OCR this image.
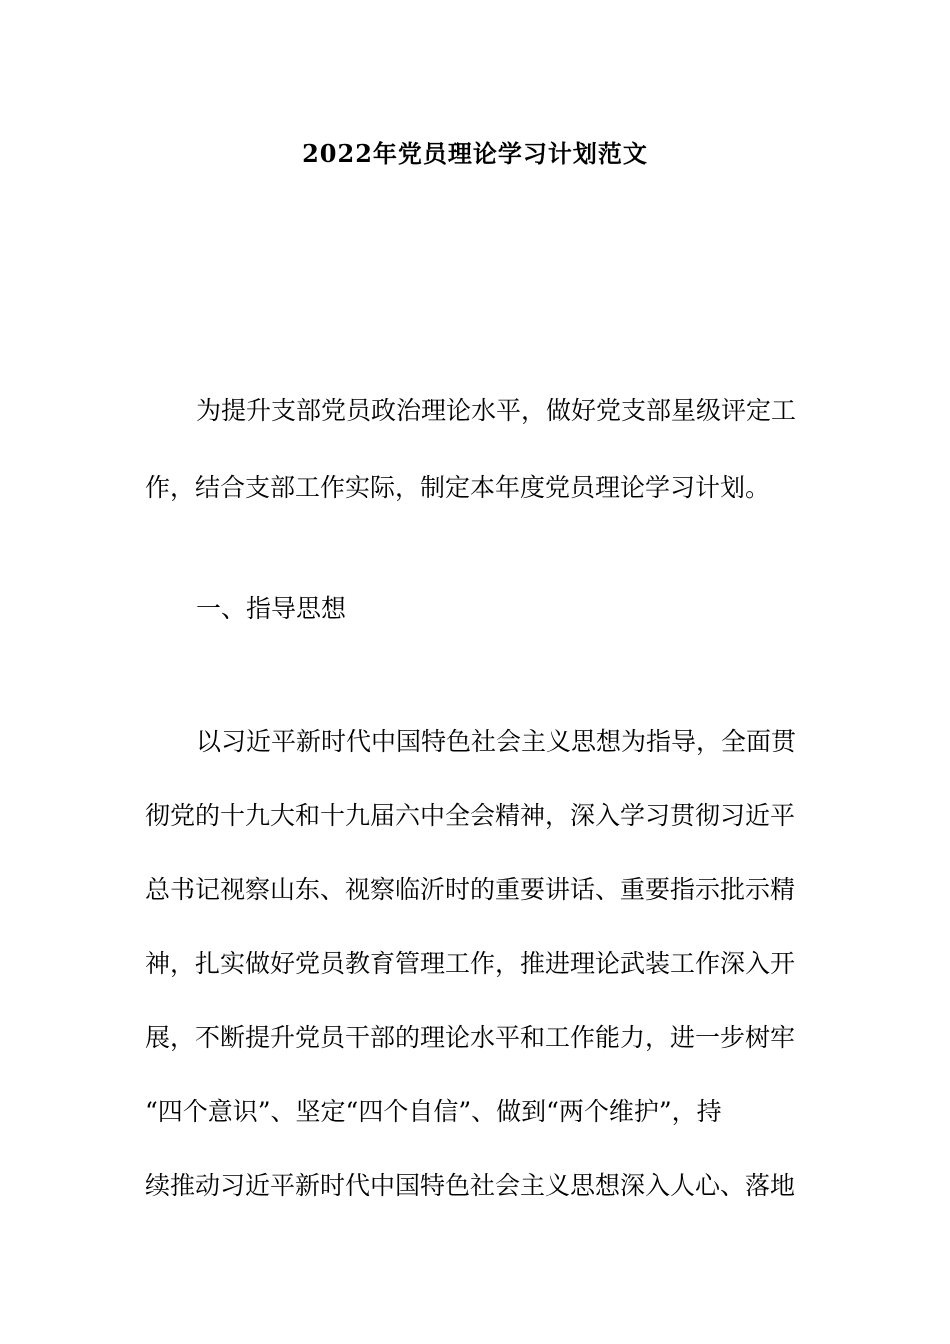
2022年党员理论学习计划范文
为提升支部党员政治理论水平，做好党支部星级评定工
作，结合支部工作实际，制定本年度党员理论学习计划。
一、指导思想
以习近平新时代中国特色社会主义思想为指导，全面贯
彻党的十九大和十九届六中全会精神，深入学习贯彻习近平
总书记视察山东、视察临沂时的重要讲话、重要指示批示精
神，扎实做好党员教育管理工作，推进理论武装工作深入开
展，不断提升党员干部的理论水平和工作能力，进一步树牢
“四个意识”、坚定“四个自信”、做到“两个维护”，持
续推动习近平新时代中国特色社会主义思想深入人心、落地
